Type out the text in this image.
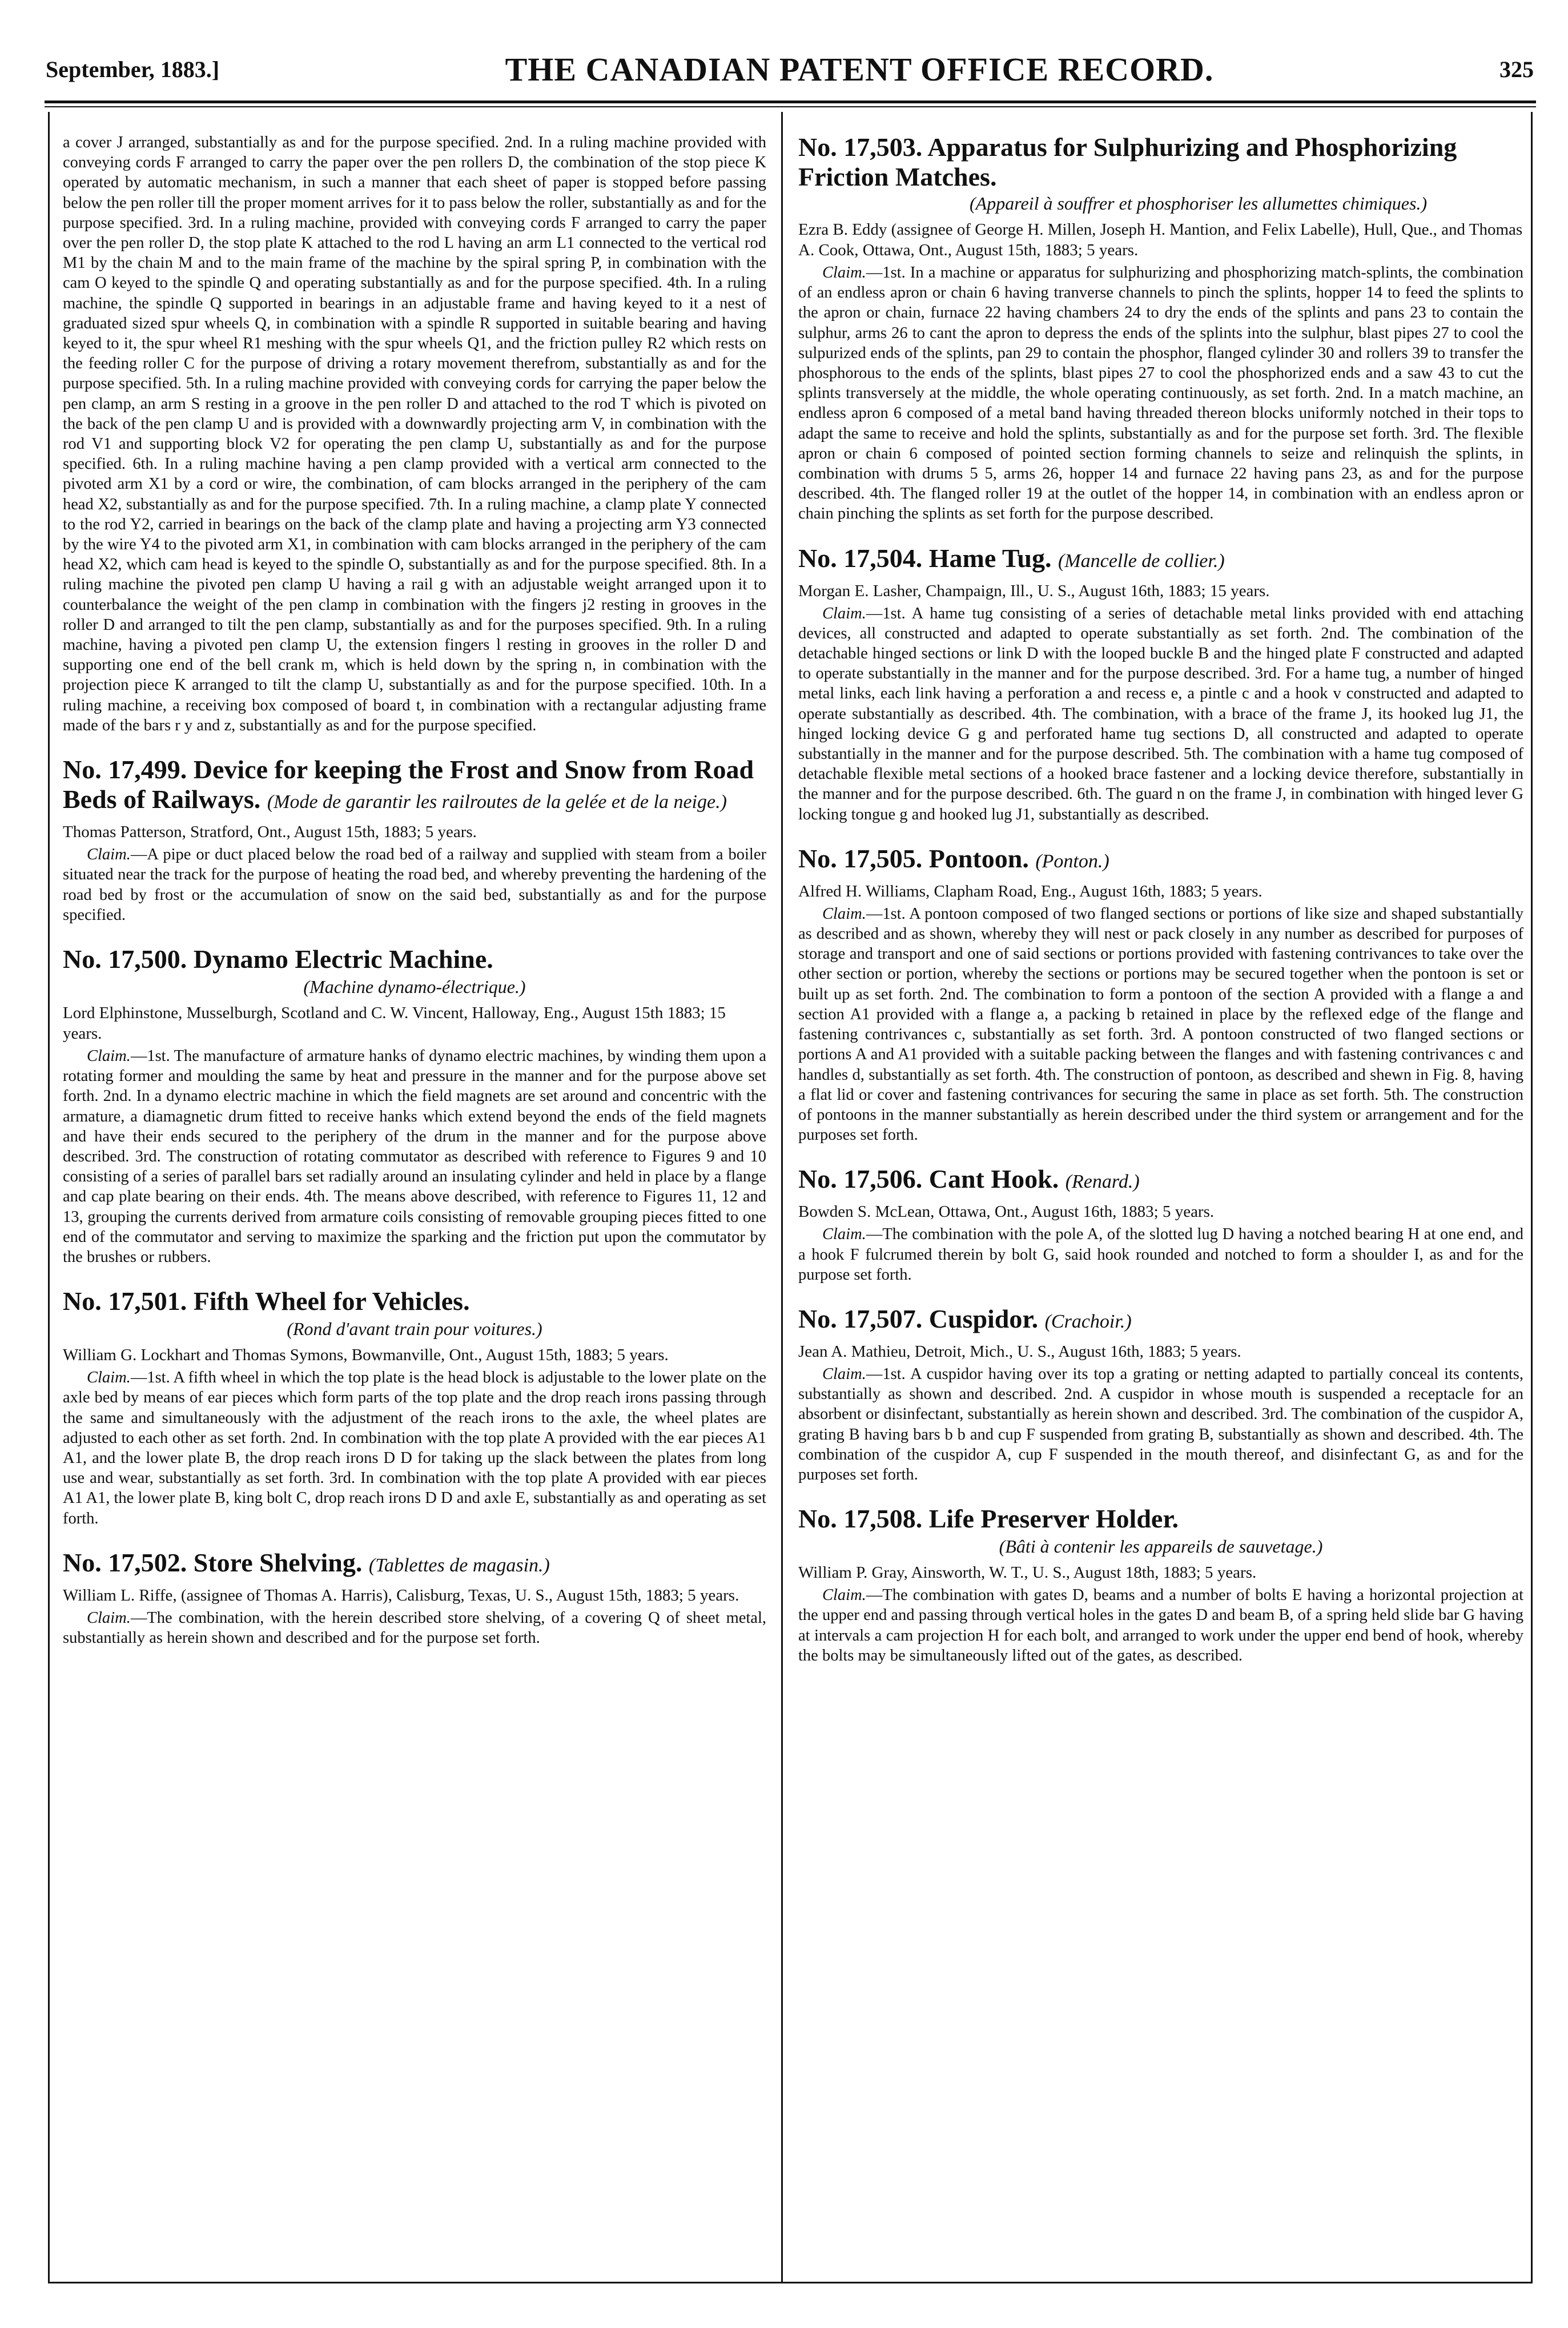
September, 1883.]	THE CANADIAN PATENT OFFICE RECORD.	325

a cover J arranged, substantially as and for the purpose specified. 2nd. In a ruling machine provided with conveying cords F arranged to carry the paper over the pen rollers D, the combination of the stop piece K operated by automatic mechanism, in such a manner that each sheet of paper is stopped before passing below the pen roller till the proper moment arrives for it to pass below the roller, substantially as and for the purpose specified. 3rd. In a ruling machine, provided with conveying cords F arranged to carry the paper over the pen roller D, the stop plate K attached to the rod L having an arm L1 connected to the vertical rod M1 by the chain M and to the main frame of the machine by the spiral spring P, in combination with the cam O keyed to the spindle Q and operating substantially as and for the purpose specified. 4th. In a ruling machine, the spindle Q supported in bearings in an adjustable frame and having keyed to it a nest of graduated sized spur wheels Q, in combination with a spindle R supported in suitable bearing and having keyed to it, the spur wheel R1 meshing with the spur wheels Q1, and the friction pulley R2 which rests on the feeding roller C for the purpose of driving a rotary movement therefrom, substantially as and for the purpose specified. 5th. In a ruling machine provided with conveying cords for carrying the paper below the pen clamp, an arm S resting in a groove in the pen roller D and attached to the rod T which is pivoted on the back of the pen clamp U and is provided with a downwardly projecting arm V, in combination with the rod V1 and supporting block V2 for operating the pen clamp U, substantially as and for the purpose specified. 6th. In a ruling machine having a pen clamp provided with a vertical arm connected to the pivoted arm X1 by a cord or wire, the combination, of cam blocks arranged in the periphery of the cam head X2, substantially as and for the purpose specified. 7th. In a ruling machine, a clamp plate Y connected to the rod Y2, carried in bearings on the back of the clamp plate and having a projecting arm Y3 connected by the wire Y4 to the pivoted arm X1, in combination with cam blocks arranged in the periphery of the cam head X2, which cam head is keyed to the spindle O, substantially as and for the purpose specified. 8th. In a ruling machine the pivoted pen clamp U having a rail g with an adjustable weight arranged upon it to counterbalance the weight of the pen clamp in combination with the fingers j2 resting in grooves in the roller D and arranged to tilt the pen clamp, substantially as and for the purposes specified. 9th. In a ruling machine, having a pivoted pen clamp U, the extension fingers l resting in grooves in the roller D and supporting one end of the bell crank m, which is held down by the spring n, in combination with the projection piece K arranged to tilt the clamp U, substantially as and for the purpose specified. 10th. In a ruling machine, a receiving box composed of board t, in combination with a rectangular adjusting frame made of the bars r y and z, substantially as and for the purpose specified.

No. 17,499. Device for keeping the Frost and Snow from Road Beds of Railways. (Mode de garantir les railroutes de la gelée et de la neige.)

Thomas Patterson, Stratford, Ont., August 15th, 1883; 5 years.

Claim.—A pipe or duct placed below the road bed of a railway and supplied with steam from a boiler situated near the track for the purpose of heating the road bed, and whereby preventing the hardening of the road bed by frost or the accumulation of snow on the said bed, substantially as and for the purpose specified.

No. 17,500. Dynamo Electric Machine.
(Machine dynamo-électrique.)

Lord Elphinstone, Musselburgh, Scotland and C. W. Vincent, Halloway, Eng., August 15th 1883; 15 years.

Claim.—1st. The manufacture of armature hanks of dynamo electric machines, by winding them upon a rotating former and moulding the same by heat and pressure in the manner and for the purpose above set forth. 2nd. In a dynamo electric machine in which the field magnets are set around and concentric with the armature, a diamagnetic drum fitted to receive hanks which extend beyond the ends of the field magnets and have their ends secured to the periphery of the drum in the manner and for the purpose above described. 3rd. The construction of rotating commutator as described with reference to Figures 9 and 10 consisting of a series of parallel bars set radially around an insulating cylinder and held in place by a flange and cap plate bearing on their ends. 4th. The means above described, with reference to Figures 11, 12 and 13, grouping the currents derived from armature coils consisting of removable grouping pieces fitted to one end of the commutator and serving to maximize the sparking and the friction put upon the commutator by the brushes or rubbers.

No. 17,501. Fifth Wheel for Vehicles.
(Rond d'avant train pour voitures.)

William G. Lockhart and Thomas Symons, Bowmanville, Ont., August 15th, 1883; 5 years.

Claim.—1st. A fifth wheel in which the top plate is the head block is adjustable to the lower plate on the axle bed by means of ear pieces which form parts of the top plate and the drop reach irons passing through the same and simultaneously with the adjustment of the reach irons to the axle, the wheel plates are adjusted to each other as set forth. 2nd. In combination with the top plate A provided with the ear pieces A1 A1, and the lower plate B, the drop reach irons D D for taking up the slack between the plates from long use and wear, substantially as set forth. 3rd. In combination with the top plate A provided with ear pieces A1 A1, the lower plate B, king bolt C, drop reach irons D D and axle E, substantially as and operating as set forth.

No. 17,502. Store Shelving. (Tablettes de magasin.)

William L. Riffe, (assignee of Thomas A. Harris), Calisburg, Texas, U. S., August 15th, 1883; 5 years.

Claim.—The combination, with the herein described store shelving, of a covering Q of sheet metal, substantially as herein shown and described and for the purpose set forth.

No. 17,503. Apparatus for Sulphurizing and Phosphorizing Friction Matches.
(Appareil à souffrer et phosphoriser les allumettes chimiques.)

Ezra B. Eddy (assignee of George H. Millen, Joseph H. Mantion, and Felix Labelle), Hull, Que., and Thomas A. Cook, Ottawa, Ont., August 15th, 1883; 5 years.

Claim.—1st. In a machine or apparatus for sulphurizing and phosphorizing match-splints, the combination of an endless apron or chain 6 having tranverse channels to pinch the splints, hopper 14 to feed the splints to the apron or chain, furnace 22 having chambers 24 to dry the ends of the splints and pans 23 to contain the sulphur, arms 26 to cant the apron to depress the ends of the splints into the sulphur, blast pipes 27 to cool the sulpurized ends of the splints, pan 29 to contain the phosphor, flanged cylinder 30 and rollers 39 to transfer the phosphorous to the ends of the splints, blast pipes 27 to cool the phosphorized ends and a saw 43 to cut the splints transversely at the middle, the whole operating continuously, as set forth. 2nd. In a match machine, an endless apron 6 composed of a metal band having threaded thereon blocks uniformly notched in their tops to adapt the same to receive and hold the splints, substantially as and for the purpose set forth. 3rd. The flexible apron or chain 6 composed of pointed section forming channels to seize and relinquish the splints, in combination with drums 5 5, arms 26, hopper 14 and furnace 22 having pans 23, as and for the purpose described. 4th. The flanged roller 19 at the outlet of the hopper 14, in combination with an endless apron or chain pinching the splints as set forth for the purpose described.

No. 17,504. Hame Tug. (Mancelle de collier.)

Morgan E. Lasher, Champaign, Ill., U. S., August 16th, 1883; 15 years.

Claim.—1st. A hame tug consisting of a series of detachable metal links provided with end attaching devices, all constructed and adapted to operate substantially as set forth. 2nd. The combination of the detachable hinged sections or link D with the looped buckle B and the hinged plate F constructed and adapted to operate substantially in the manner and for the purpose described. 3rd. For a hame tug, a number of hinged metal links, each link having a perforation a and recess e, a pintle c and a hook v constructed and adapted to operate substantially as described. 4th. The combination, with a brace of the frame J, its hooked lug J1, the hinged locking device G g and perforated hame tug sections D, all constructed and adapted to operate substantially in the manner and for the purpose described. 5th. The combination with a hame tug composed of detachable flexible metal sections of a hooked brace fastener and a locking device therefore, substantially in the manner and for the purpose described. 6th. The guard n on the frame J, in combination with hinged lever G locking tongue g and hooked lug J1, substantially as described.

No. 17,505. Pontoon. (Ponton.)

Alfred H. Williams, Clapham Road, Eng., August 16th, 1883; 5 years.

Claim.—1st. A pontoon composed of two flanged sections or portions of like size and shaped substantially as described and as shown, whereby they will nest or pack closely in any number as described for purposes of storage and transport and one of said sections or portions provided with fastening contrivances to take over the other section or portion, whereby the sections or portions may be secured together when the pontoon is set or built up as set forth. 2nd. The combination to form a pontoon of the section A provided with a flange a and section A1 provided with a flange a, a packing b retained in place by the reflexed edge of the flange and fastening contrivances c, substantially as set forth. 3rd. A pontoon constructed of two flanged sections or portions A and A1 provided with a suitable packing between the flanges and with fastening contrivances c and handles d, substantially as set forth. 4th. The construction of pontoon, as described and shewn in Fig. 8, having a flat lid or cover and fastening contrivances for securing the same in place as set forth. 5th. The construction of pontoons in the manner substantially as herein described under the third system or arrangement and for the purposes set forth.

No. 17,506. Cant Hook. (Renard.)

Bowden S. McLean, Ottawa, Ont., August 16th, 1883; 5 years.

Claim.—The combination with the pole A, of the slotted lug D having a notched bearing H at one end, and a hook F fulcrumed therein by bolt G, said hook rounded and notched to form a shoulder I, as and for the purpose set forth.

No. 17,507. Cuspidor. (Crachoir.)

Jean A. Mathieu, Detroit, Mich., U. S., August 16th, 1883; 5 years.

Claim.—1st. A cuspidor having over its top a grating or netting adapted to partially conceal its contents, substantially as shown and described. 2nd. A cuspidor in whose mouth is suspended a receptacle for an absorbent or disinfectant, substantially as herein shown and described. 3rd. The combination of the cuspidor A, grating B having bars b b and cup F suspended from grating B, substantially as shown and described. 4th. The combination of the cuspidor A, cup F suspended in the mouth thereof, and disinfectant G, as and for the purposes set forth.

No. 17,508. Life Preserver Holder.
(Bâti à contenir les appareils de sauvetage.)

William P. Gray, Ainsworth, W. T., U. S., August 18th, 1883; 5 years.

Claim.—The combination with gates D, beams and a number of bolts E having a horizontal projection at the upper end and passing through vertical holes in the gates D and beam B, of a spring held slide bar G having at intervals a cam projection H for each bolt, and arranged to work under the upper end bend of hook, whereby the bolts may be simultaneously lifted out of the gates, as described.
